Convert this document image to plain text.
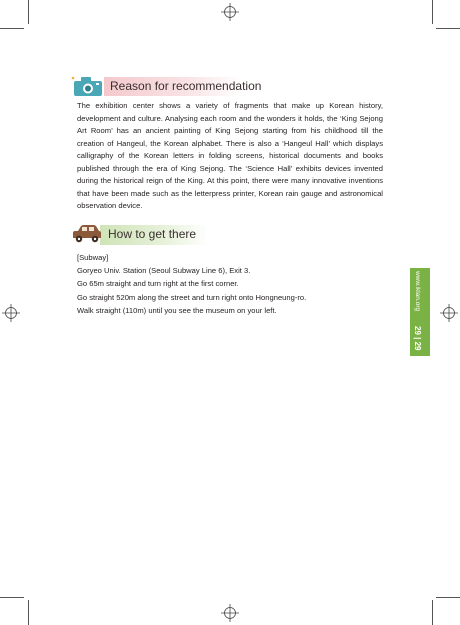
Reason for recommendation

The exhibition center shows a variety of fragments that make up Korean history, development and culture. Analysing each room and the wonders it holds, the ‘King Sejong Art Room’ has an ancient painting of King Sejong starting from his childhood till the creation of Hangeul, the Korean alphabet. There is also a ‘Hangeul Hall’ which displays calligraphy of the Korean letters in folding screens, historical documents and books published through the era of King Sejong. The ‘Science Hall’ exhibits devices invented during the historical reign of the King. At this point, there were many innovative inventions that have been made such as the letterpress printer, Korean rain gauge and astronomical observation device.

How to get there
[Subway]
Goryeo Univ. Station (Seoul Subway Line 6), Exit 3.
Go 65m straight and turn right at the first corner.
Go straight 520m along the street and turn right onto Hongneung-ro.
Walk straight (110m) until you see the museum on your left.	www.iklan.org
29 | 29
